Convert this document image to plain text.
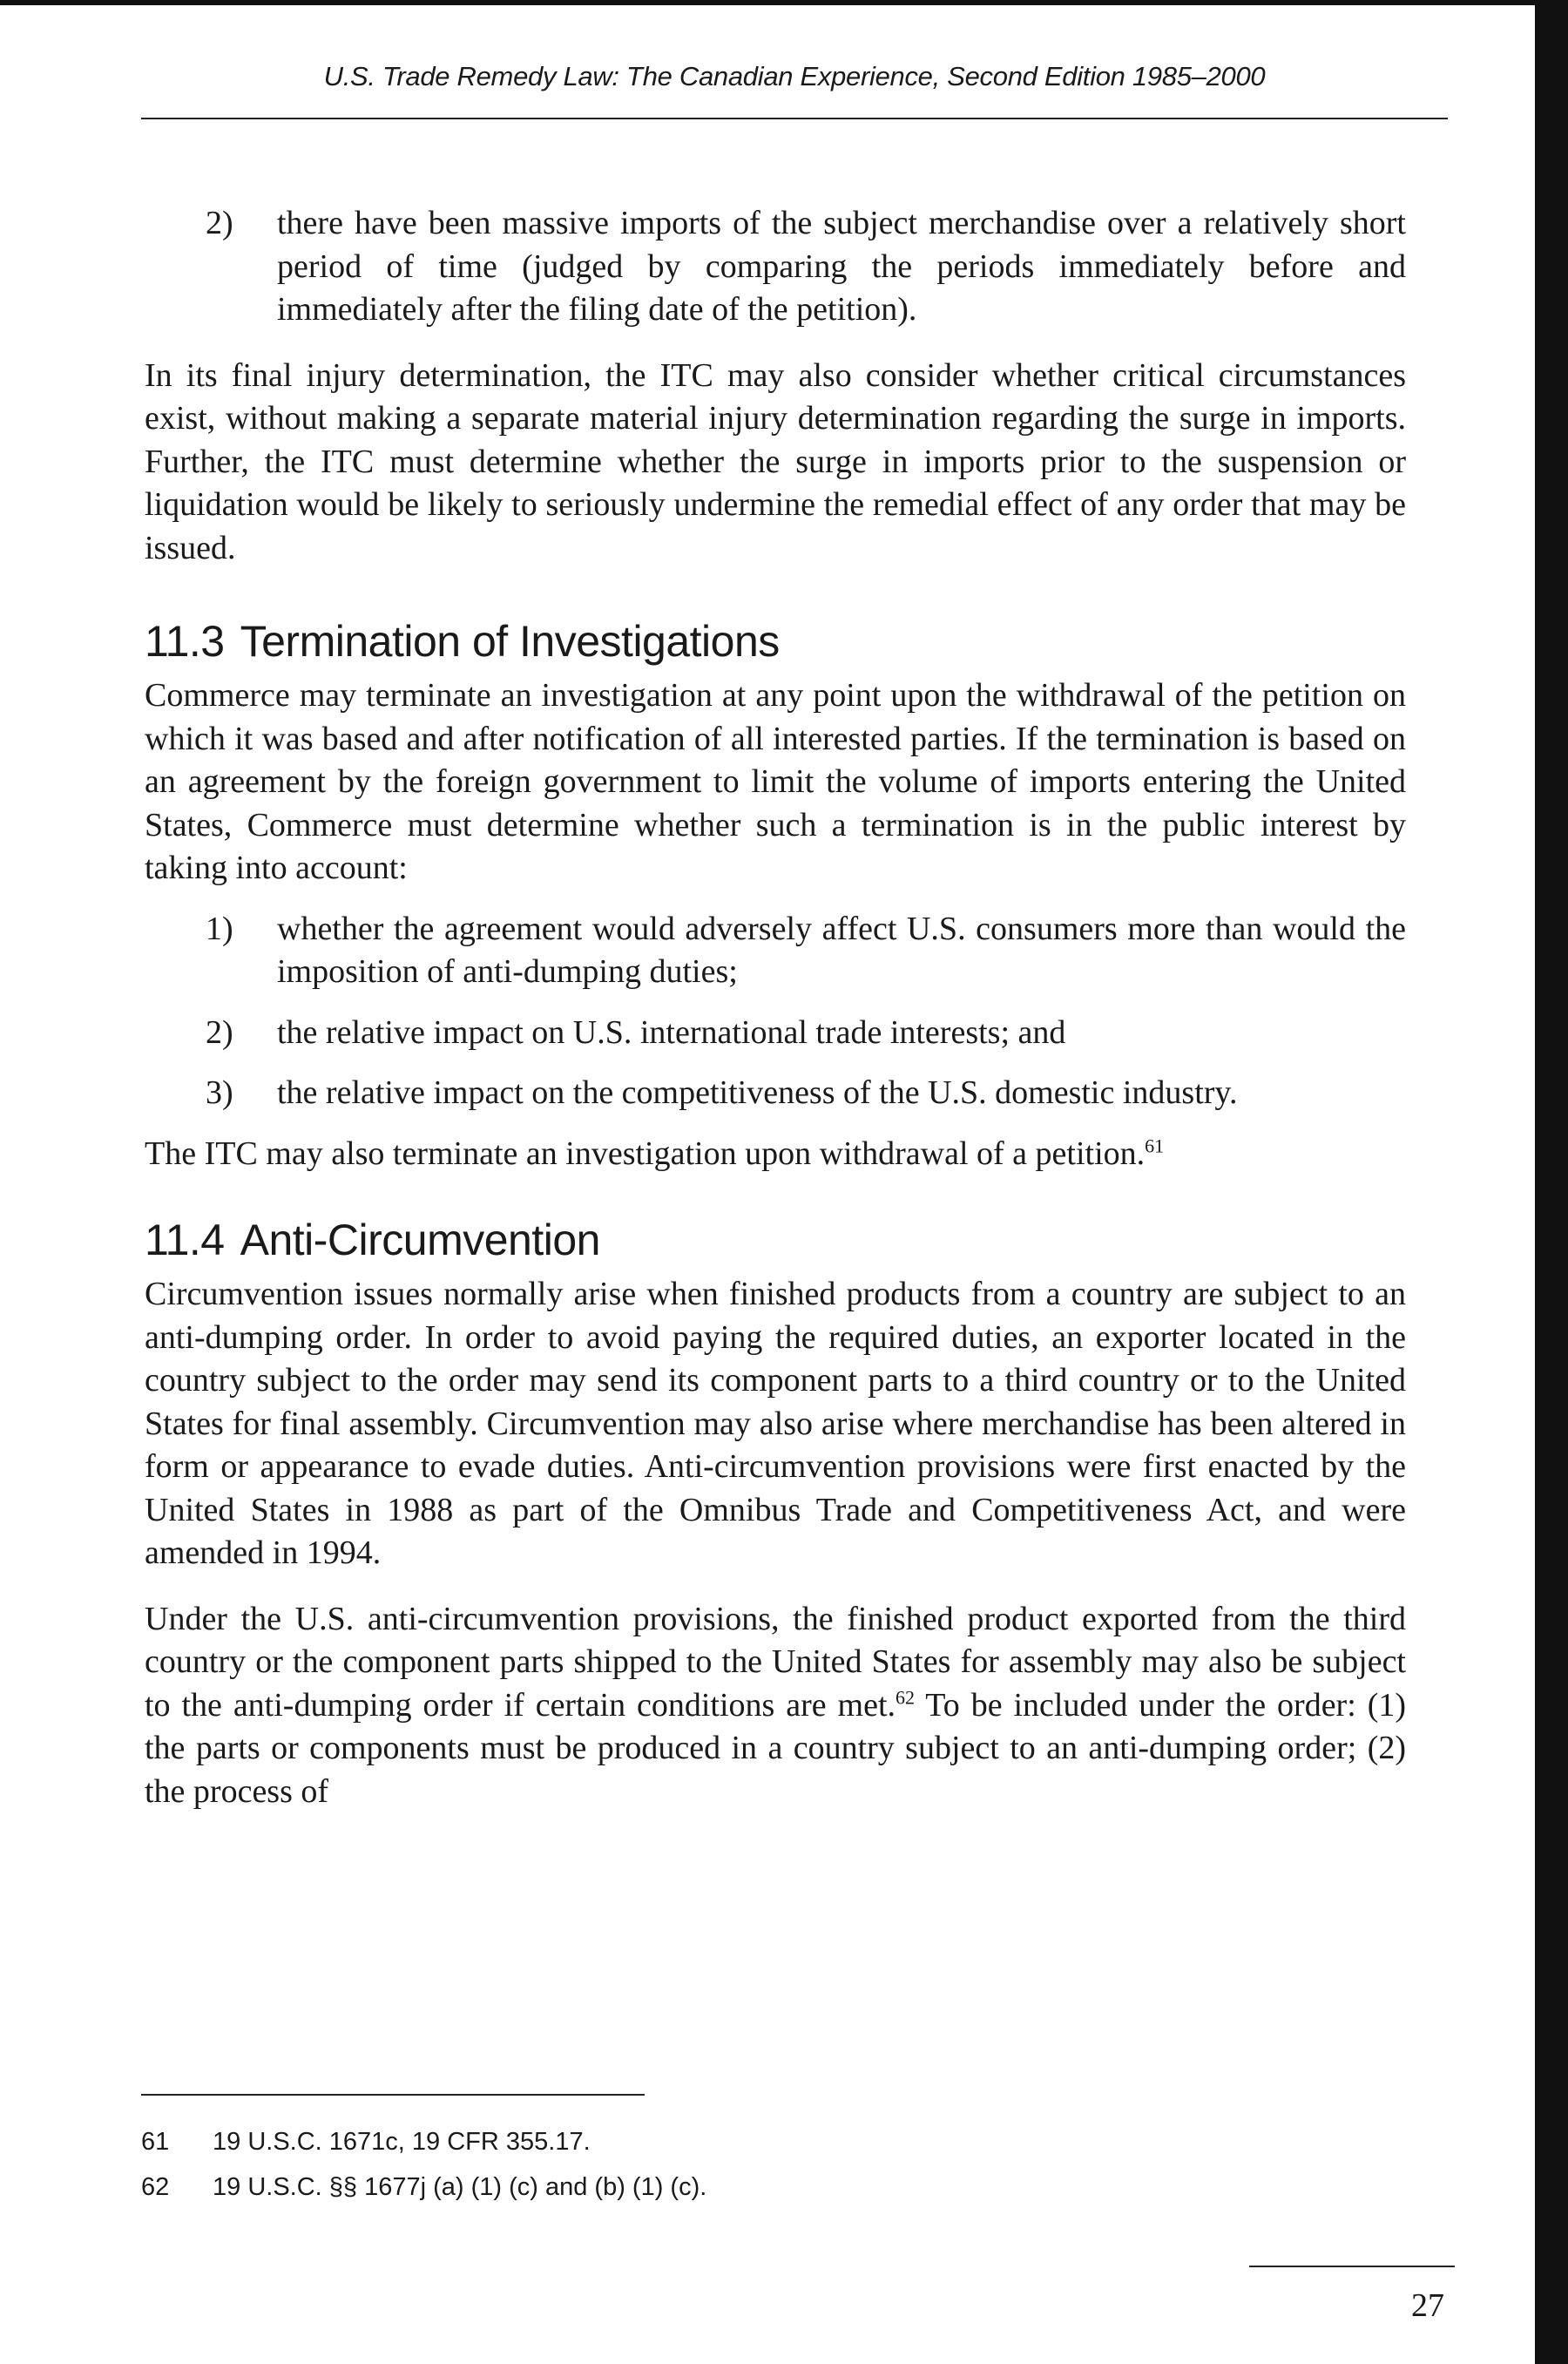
U.S. Trade Remedy Law: The Canadian Experience, Second Edition 1985–2000
2)	there have been massive imports of the subject merchandise over a relatively short period of time (judged by comparing the periods immediately before and immediately after the filing date of the petition).

In its final injury determination, the ITC may also consider whether critical circumstances exist, without making a separate material injury determination regarding the surge in imports. Further, the ITC must determine whether the surge in imports prior to the suspension or liquidation would be likely to seriously undermine the remedial effect of any order that may be issued.

11.3 Termination of Investigations

Commerce may terminate an investigation at any point upon the withdrawal of the petition on which it was based and after notification of all interested parties. If the termination is based on an agreement by the foreign government to limit the volume of imports entering the United States, Commerce must determine whether such a termination is in the public interest by taking into account:

1)	whether the agreement would adversely affect U.S. consumers more than would the imposition of anti-dumping duties;
2)	the relative impact on U.S. international trade interests; and
3)	the relative impact on the competitiveness of the U.S. domestic industry.

The ITC may also terminate an investigation upon withdrawal of a petition.$^{61}$

11.4 Anti-Circumvention

Circumvention issues normally arise when finished products from a country are subject to an anti-dumping order. In order to avoid paying the required duties, an exporter located in the country subject to the order may send its component parts to a third country or to the United States for final assembly. Circumvention may also arise where merchandise has been altered in form or appearance to evade duties. Anti-circumvention provisions were first enacted by the United States in 1988 as part of the Omnibus Trade and Competitiveness Act, and were amended in 1994.

Under the U.S. anti-circumvention provisions, the finished product exported from the third country or the component parts shipped to the United States for assembly may also be subject to the anti-dumping order if certain conditions are met.$^{62}$ To be included under the order: (1) the parts or components must be produced in a country subject to an anti-dumping order; (2) the process of

61	19 U.S.C. 1671c, 19 CFR 355.17.
62	19 U.S.C. §§ 1677j (a) (1) (c) and (b) (1) (c).
27
